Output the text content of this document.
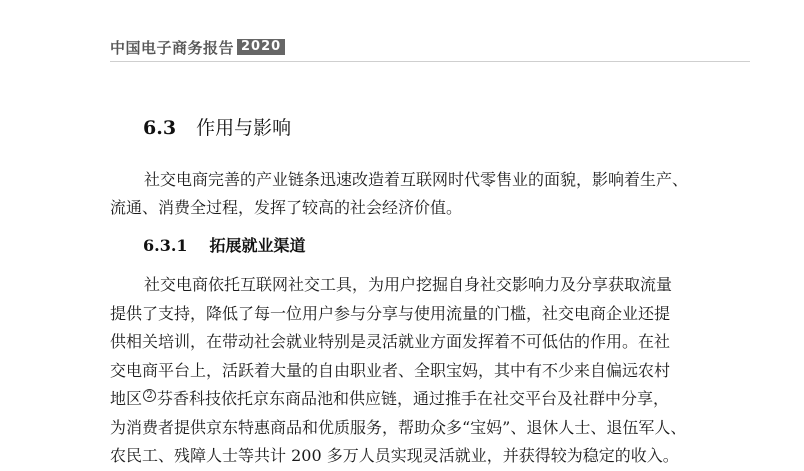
中国电子商务报告 2020
6.3 作用与影响
社交电商完善的产业链条迅速改造着互联网时代零售业的面貌，影响着生产、
流通、消费全过程，发挥了较高的社会经济价值。
6.3.1 拓展就业渠道
社交电商依托互联网社交工具，为用户挖掘自身社交影响力及分享获取流量
提供了支持，降低了每一位用户参与分享与使用流量的门槛，社交电商企业还提
供相关培训，在带动社会就业特别是灵活就业方面发挥着不可低估的作用。在社
交电商平台上，活跃着大量的自由职业者、全职宝妈，其中有不少来自偏远农村
地区 2 芬香科技依托京东商品池和供应链，通过推手在社交平台及社群中分享，
为消费者提供京东特惠商品和优质服务，帮助众多“宝妈”、退休人士、退伍军人、
农民工、残障人士等共计 200 多万人员实现灵活就业，并获得较为稳定的收入。
